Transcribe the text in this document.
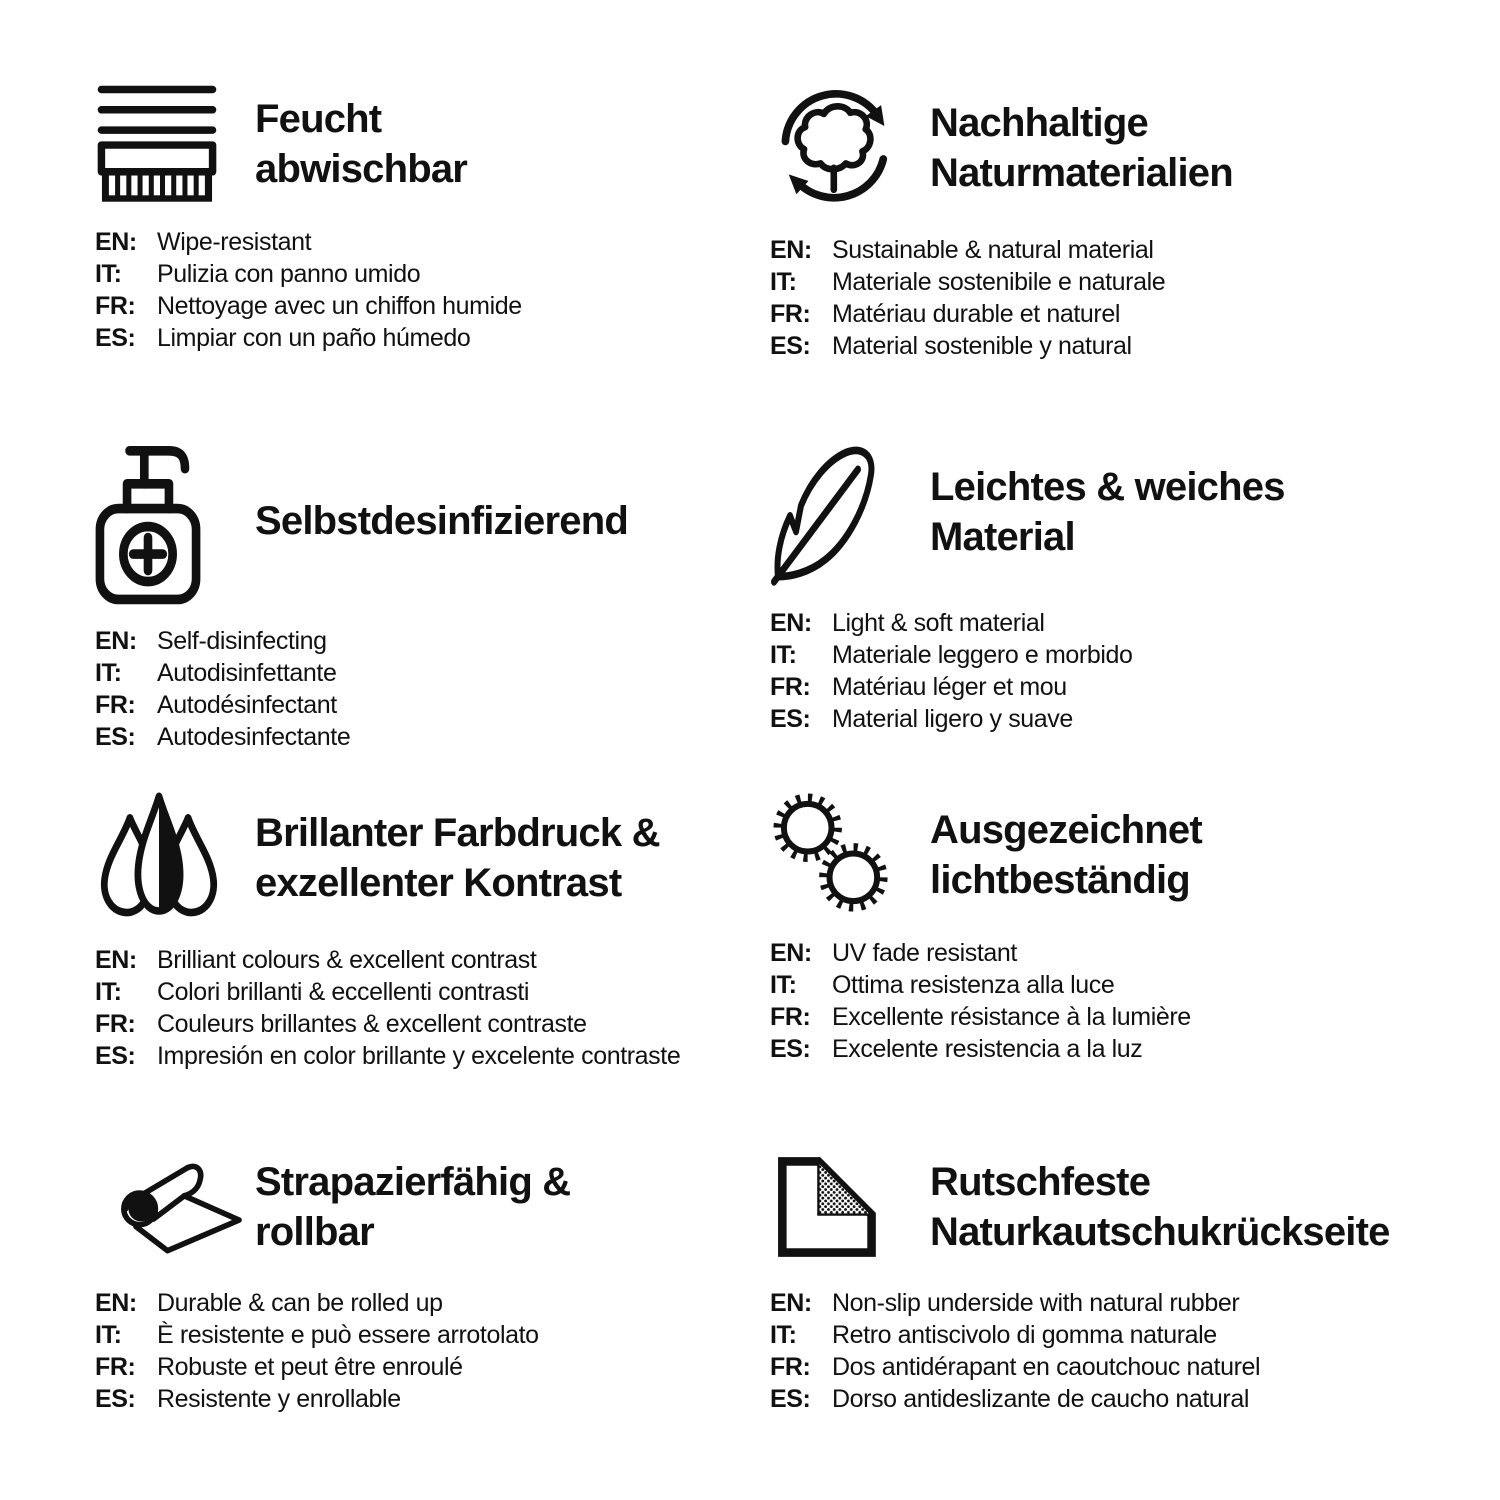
Feucht
abwischbar
EN: Wipe-resistant
IT:	Pulizia con panno umido
FR: Nettoyage avec un chiffon humide
ES: Limpiar con un paño húmedo
Nachhaltige
Naturmaterialien
EN: Sustainable & natural material
IT:	Materiale sostenibile e naturale
FR: Matériau durable et naturel
ES: Material sostenible y natural
Selbstdesinfizierend
EN: Self-disinfecting
IT:	Autodisinfettante
FR: Autodésinfectant
ES: Autodesinfectante
Leichtes & weiches
Material
EN: Light & soft material
IT:	Materiale leggero e morbido
FR: Matériau léger et mou
ES: Material ligero y suave
Brillanter Farbdruck &
exzellenter Kontrast
EN: Brilliant colours & excellent contrast
IT:	Colori brillanti & eccellenti contrasti
FR: Couleurs brillantes & excellent contraste
ES: Impresión en color brillante y excelente contraste
Ausgezeichnet
lichtbeständig
EN: UV fade resistant
IT:	Ottima resistenza alla luce
FR: Excellente résistance à la lumière
ES: Excelente resistencia a la luz
Strapazierfähig &
rollbar
EN: Durable & can be rolled up
IT:	È resistente e può essere arrotolato
FR: Robuste et peut être enroulé
ES: Resistente y enrollable
Rutschfeste
Naturkautschukrückseite
EN: Non-slip underside with natural rubber
IT:	Retro antiscivolo di gomma naturale
FR: Dos antidérapant en caoutchouc naturel
ES: Dorso antideslizante de caucho natural
